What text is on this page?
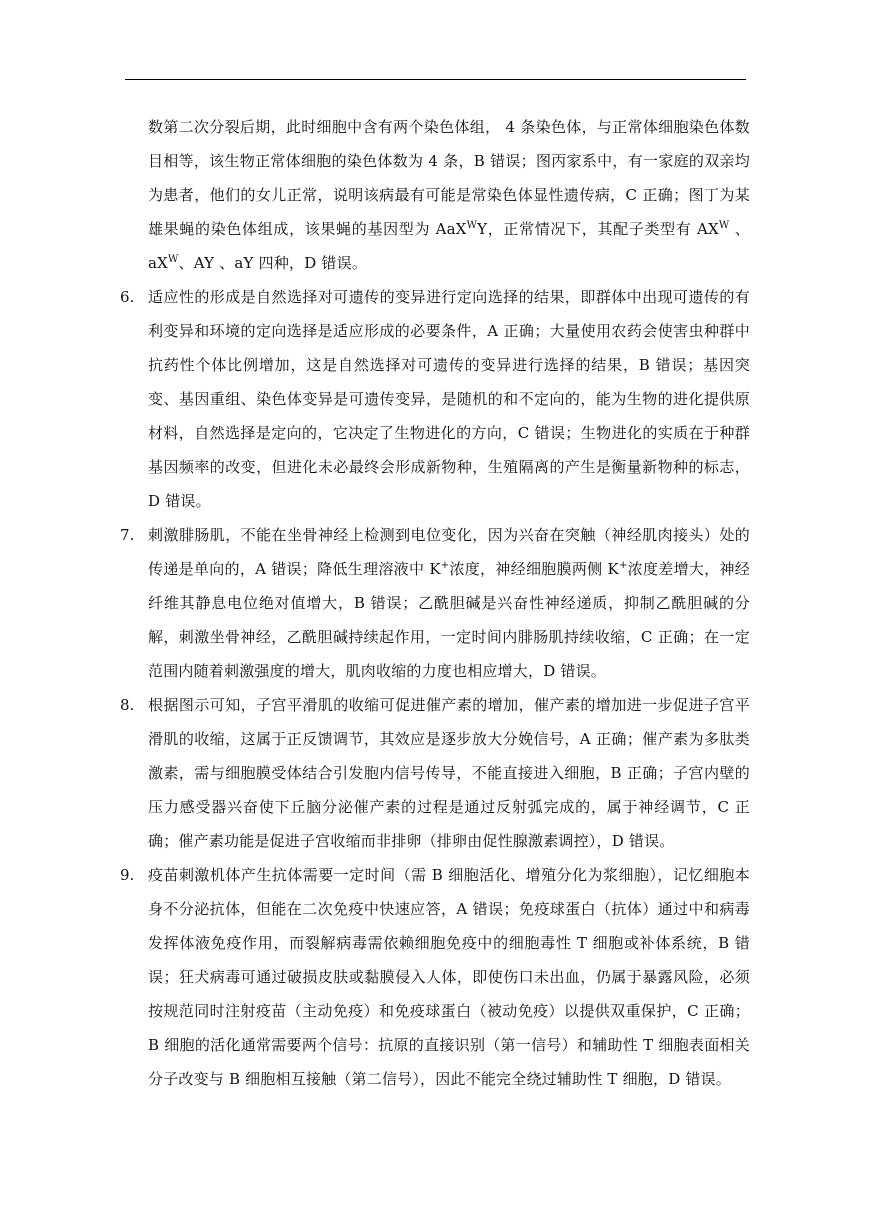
数第二次分裂后期，此时细胞中含有两个染色体组， 4 条染色体，与正常体细胞染色体数目相等，该生物正常体细胞的染色体数为 4 条，B 错误；图丙家系中，有一家庭的双亲均为患者，他们的女儿正常，说明该病最有可能是常染色体显性遗传病，C 正确；图丁为某雄果蝇的染色体组成，该果蝇的基因型为 AaX$^W$Y，正常情况下，其配子类型有 $AX^W$ 、$aX^W$、AY 、aY 四种，D 错误。
6. 适应性的形成是自然选择对可遗传的变异进行定向选择的结果，即群体中出现可遗传的有利变异和环境的定向选择是适应形成的必要条件，A 正确；大量使用农药会使害虫种群中抗药性个体比例增加，这是自然选择对可遗传的变异进行选择的结果，B 错误；基因突变、基因重组、染色体变异是可遗传变异，是随机的和不定向的，能为生物的进化提供原材料，自然选择是定向的，它决定了生物进化的方向，C 错误；生物进化的实质在于种群基因频率的改变，但进化未必最终会形成新物种，生殖隔离的产生是衡量新物种的标志，D 错误。
7. 刺激腓肠肌，不能在坐骨神经上检测到电位变化，因为兴奋在突触（神经肌肉接头）处的传递是单向的，A 错误；降低生理溶液中 K+浓度，神经细胞膜两侧 K+浓度差增大，神经纤维其静息电位绝对值增大，B 错误；乙酰胆碱是兴奋性神经递质，抑制乙酰胆碱的分解，刺激坐骨神经，乙酰胆碱持续起作用，一定时间内腓肠肌持续收缩，C 正确；在一定范围内随着刺激强度的增大，肌肉收缩的力度也相应增大，D 错误。
8. 根据图示可知，子宫平滑肌的收缩可促进催产素的增加，催产素的增加进一步促进子宫平滑肌的收缩，这属于正反馈调节，其效应是逐步放大分娩信号，A 正确；催产素为多肽类激素，需与细胞膜受体结合引发胞内信号传导，不能直接进入细胞，B 正确；子宫内壁的压力感受器兴奋使下丘脑分泌催产素的过程是通过反射弧完成的，属于神经调节，C 正确；催产素功能是促进子宫收缩而非排卵（排卵由促性腺激素调控），D 错误。
9. 疫苗刺激机体产生抗体需要一定时间（需 B 细胞活化、增殖分化为浆细胞），记忆细胞本身不分泌抗体，但能在二次免疫中快速应答，A 错误；免疫球蛋白（抗体）通过中和病毒发挥体液免疫作用，而裂解病毒需依赖细胞免疫中的细胞毒性 T 细胞或补体系统，B 错误；狂犬病毒可通过破损皮肤或黏膜侵入人体，即使伤口未出血，仍属于暴露风险，必须按规范同时注射疫苗（主动免疫）和免疫球蛋白（被动免疫）以提供双重保护，C 正确；B 细胞的活化通常需要两个信号：抗原的直接识别（第一信号）和辅助性 T 细胞表面相关分子改变与 B 细胞相互接触（第二信号），因此不能完全绕过辅助性 T 细胞，D 错误。
